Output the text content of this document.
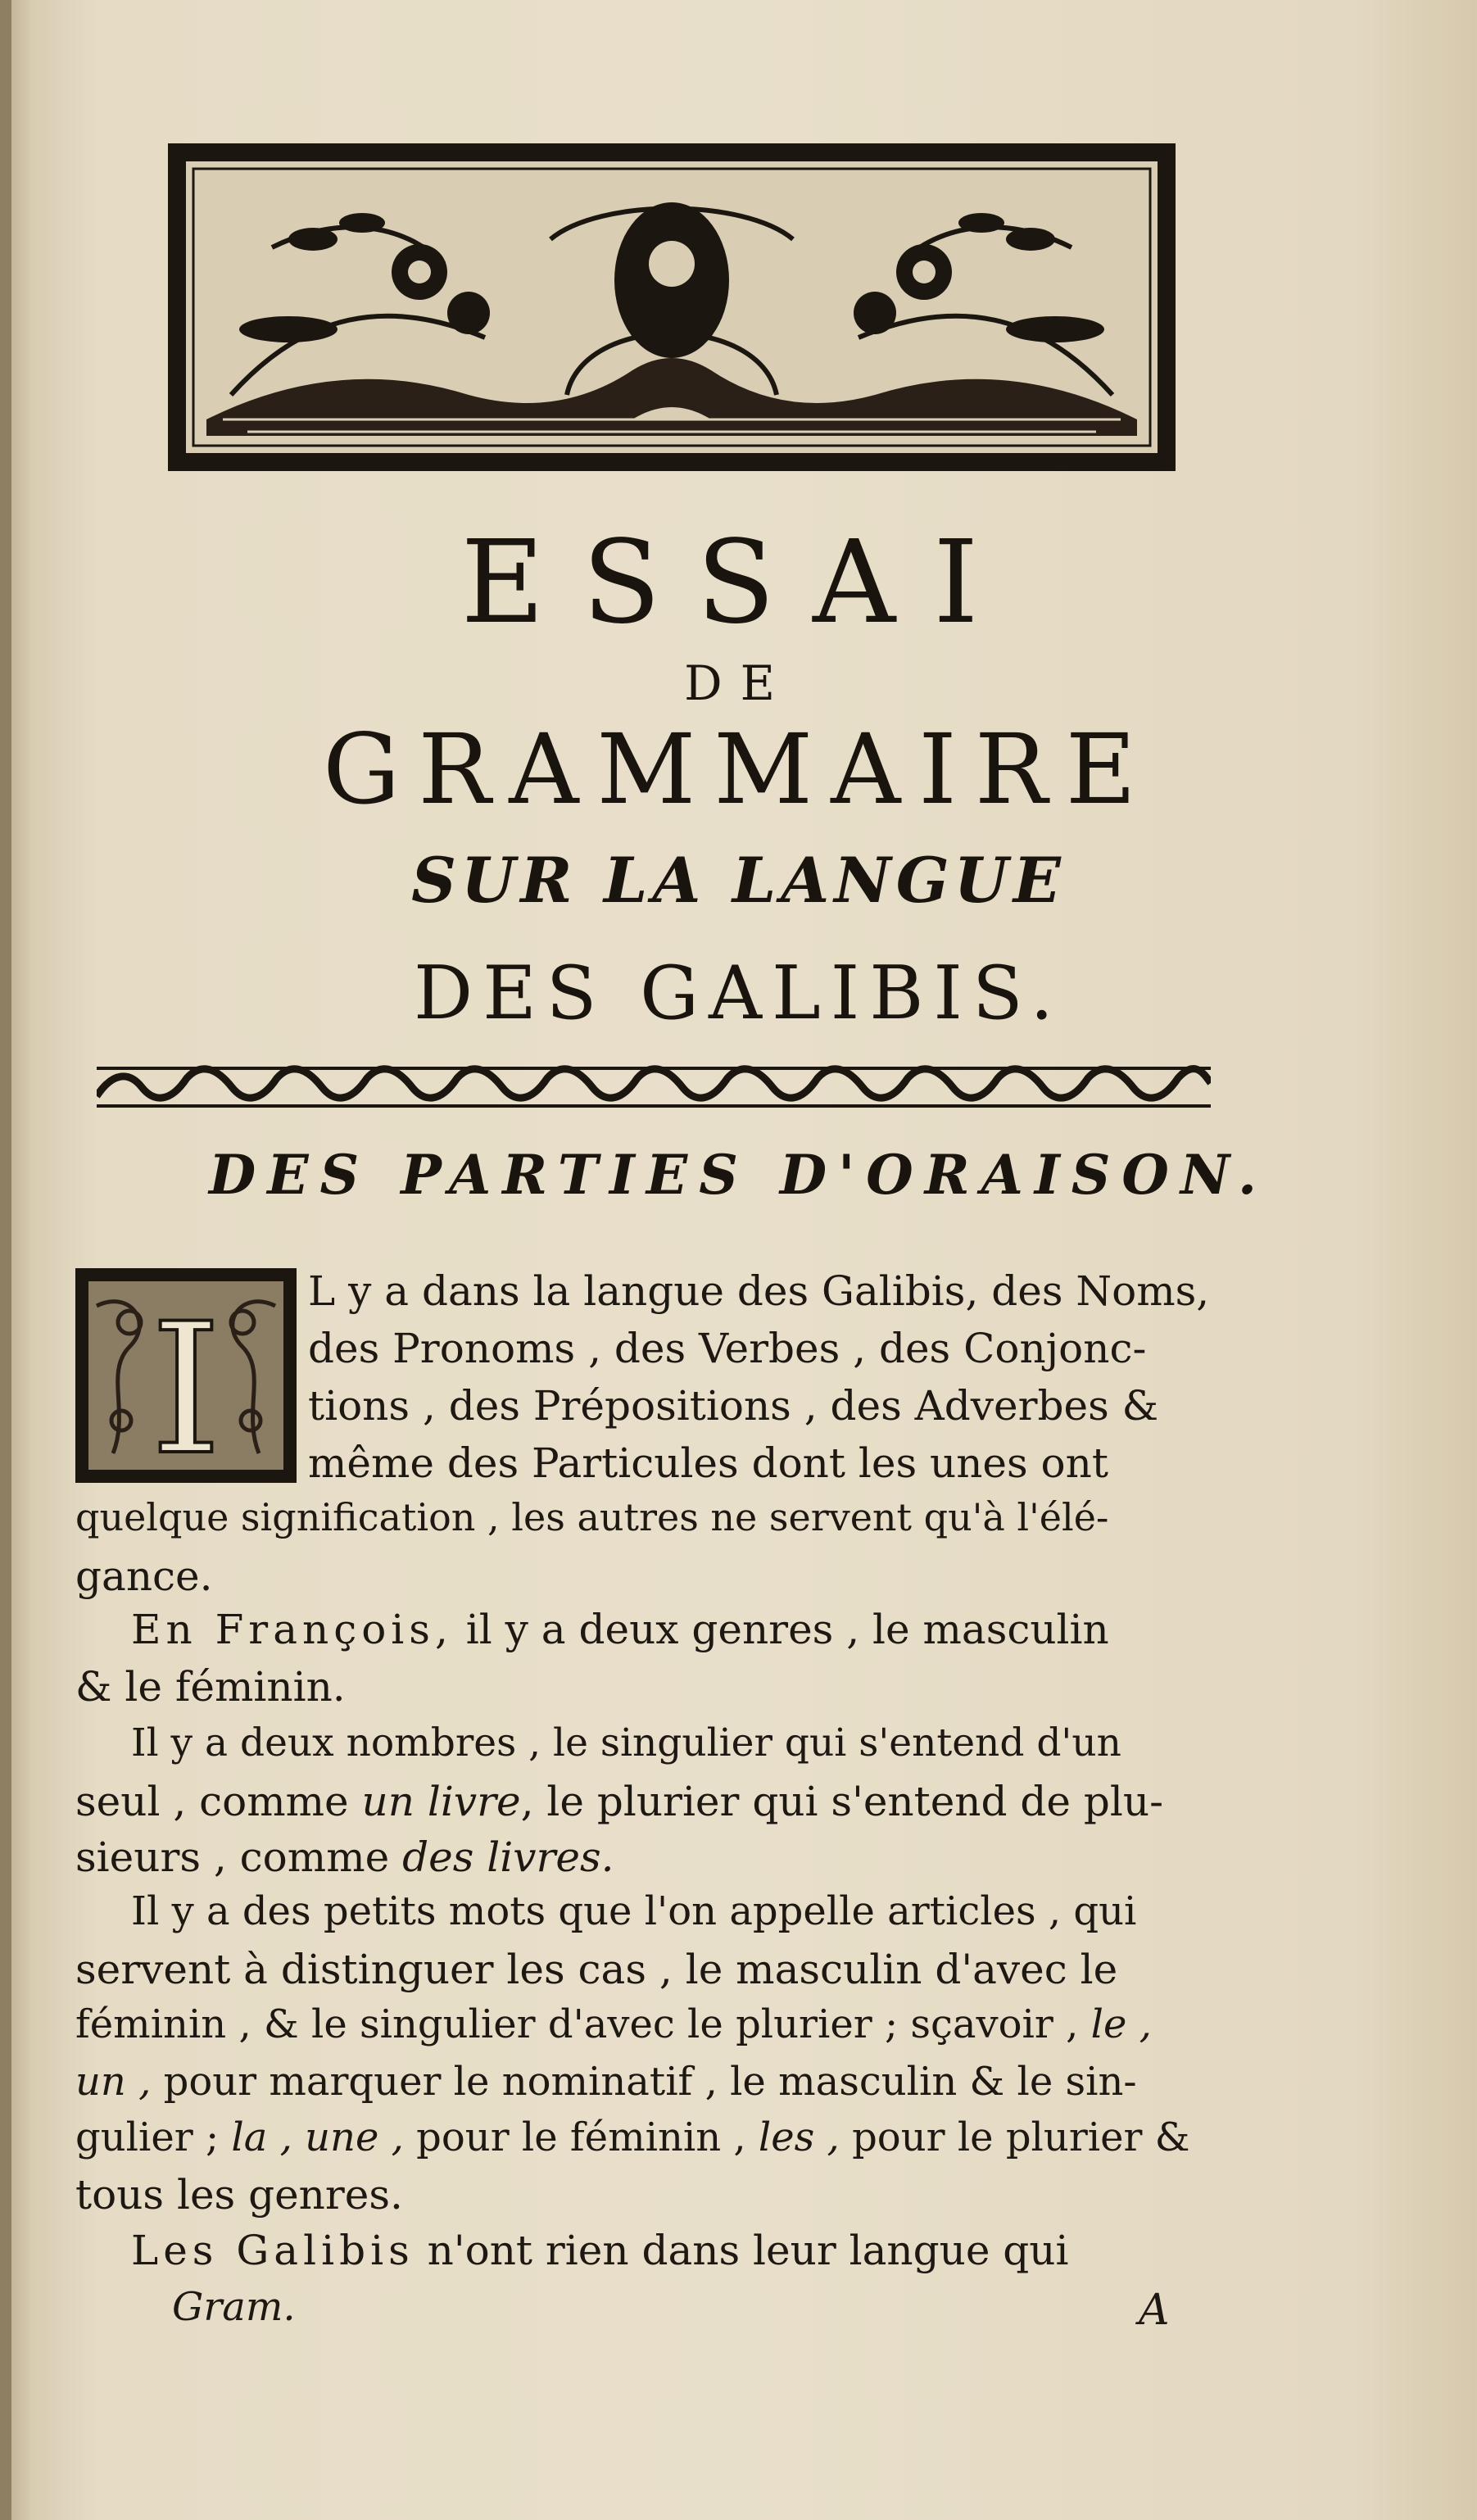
ESSAI
DE
GRAMMAIRE
SUR LA LANGUE
DES GALIBIS.
DES PARTIES D'ORAISON.
I L y a dans la langue des Galibis, des Noms,
des Pronoms , des Verbes , des Conjonc-
tions , des Prépositions , des Adverbes &
même des Particules dont les unes ont
quelque signification , les autres ne servent qu'à l'élé-
gance.
En François, il y a deux genres , le masculin
& le féminin.
Il y a deux nombres , le singulier qui s'entend d'un
seul , comme un livre, le plurier qui s'entend de plu-
sieurs , comme des livres.
Il y a des petits mots que l'on appelle articles , qui
servent à distinguer les cas , le masculin d'avec le
féminin , & le singulier d'avec le plurier ; sçavoir , le ,
un , pour marquer le nominatif , le masculin & le sin-
gulier ; la , une , pour le féminin , les , pour le plurier &
tous les genres.
Les Galibis n'ont rien dans leur langue qui
Gram.	A
